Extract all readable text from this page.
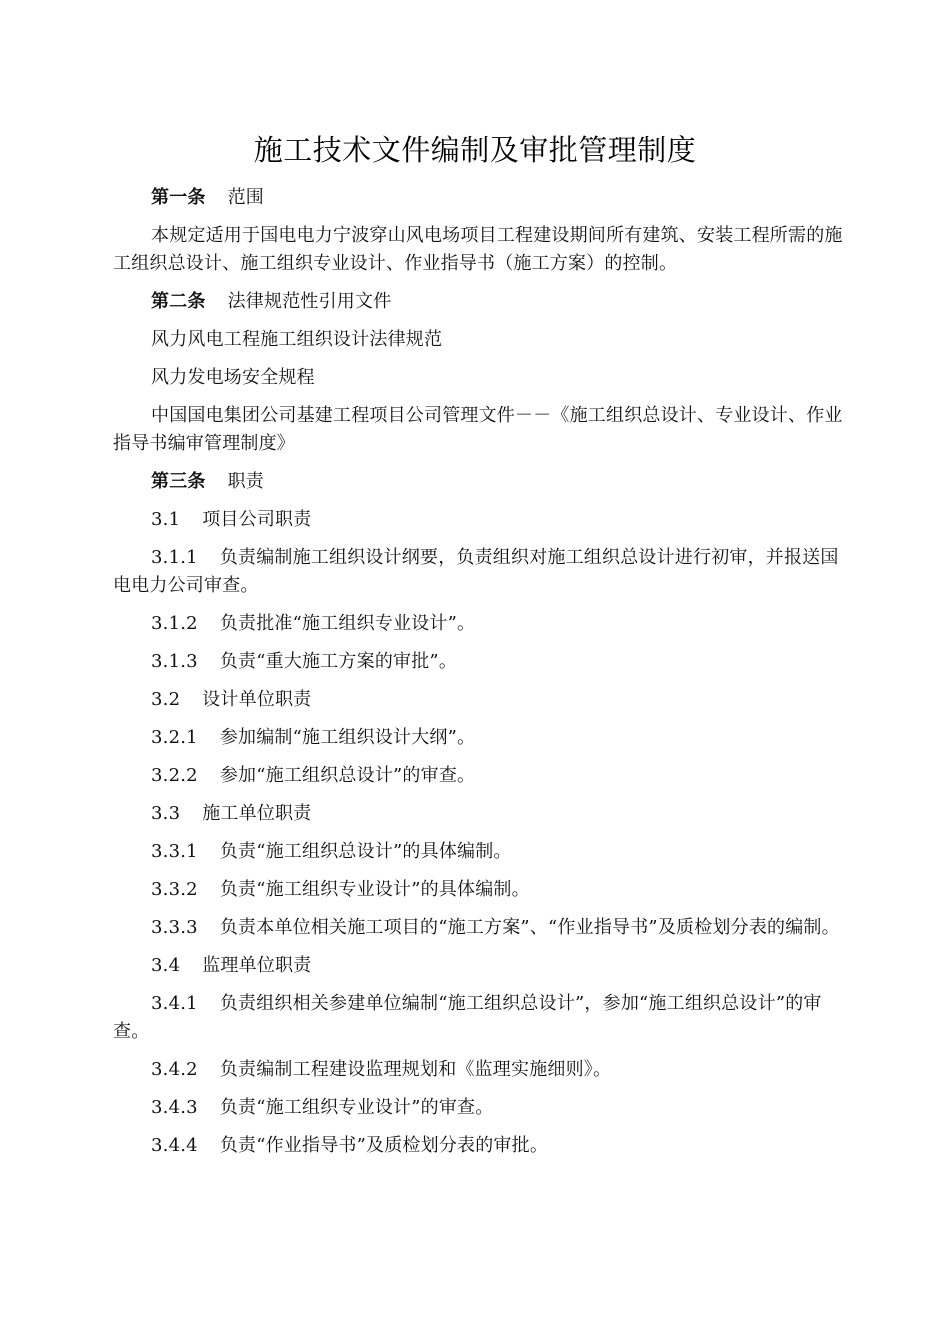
施工技术文件编制及审批管理制度
第一条 范围
本规定适用于国电电力宁波穿山风电场项目工程建设期间所有建筑、安装工程所需的施工组织总设计、施工组织专业设计、作业指导书（施工方案）的控制。
第二条 法律规范性引用文件
风力风电工程施工组织设计法律规范
风力发电场安全规程
中国国电集团公司基建工程项目公司管理文件－－《施工组织总设计、专业设计、作业指导书编审管理制度》
第三条 职责
3.1 项目公司职责
3.1.1 负责编制施工组织设计纲要，负责组织对施工组织总设计进行初审，并报送国电电力公司审查。
3.1.2 负责批准“施工组织专业设计”。
3.1.3 负责“重大施工方案的审批”。
3.2 设计单位职责
3.2.1 参加编制“施工组织设计大纲”。
3.2.2 参加“施工组织总设计”的审查。
3.3 施工单位职责
3.3.1 负责“施工组织总设计”的具体编制。
3.3.2 负责“施工组织专业设计”的具体编制。
3.3.3 负责本单位相关施工项目的“施工方案”、“作业指导书”及质检划分表的编制。
3.4 监理单位职责
3.4.1 负责组织相关参建单位编制“施工组织总设计”，参加“施工组织总设计”的审查。
3.4.2 负责编制工程建设监理规划和《监理实施细则》。
3.4.3 负责“施工组织专业设计”的审查。
3.4.4 负责“作业指导书”及质检划分表的审批。
